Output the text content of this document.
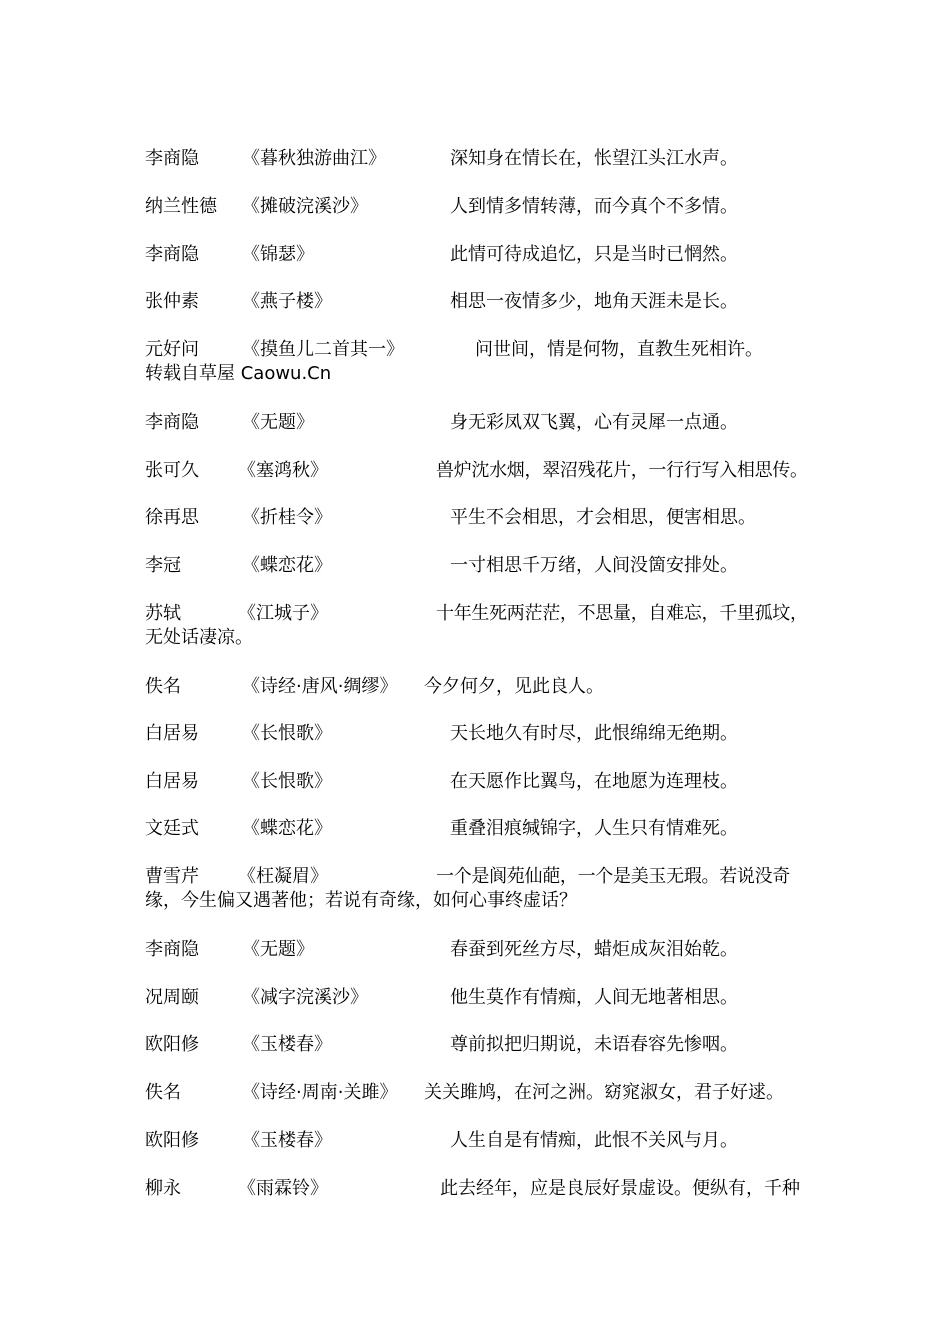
李商隐 《暮秋独游曲江》	深知身在情长在，怅望江头江水声。
纳兰性德 《摊破浣溪沙》	人到情多情转薄，而今真个不多情。
李商隐 《锦瑟》	此情可待成追忆，只是当时已惘然。
张仲素 《燕子楼》	相思一夜情多少，地角天涯未是长。
元好问 《摸鱼儿二首其一》	问世间，情是何物，直教生死相许。
转载自草屋 Caowu.Cn
李商隐 《无题》	身无彩凤双飞翼，心有灵犀一点通。
张可久 《塞鸿秋》	兽炉沈水烟，翠沼残花片，一行行写入相思传。
徐再思 《折桂令》	平生不会相思，才会相思，便害相思。
李冠	《蝶恋花》	一寸相思千万绪，人间没箇安排处。
苏轼	《江城子》	十年生死两茫茫，不思量，自难忘，千里孤坟，
无处话凄凉。
佚名	《诗经·唐风·绸缪》 今夕何夕，见此良人。
白居易 《长恨歌》	天长地久有时尽，此恨绵绵无绝期。
白居易 《长恨歌》	在天愿作比翼鸟，在地愿为连理枝。
文廷式 《蝶恋花》	重叠泪痕缄锦字，人生只有情难死。
曹雪芹 《枉凝眉》	一个是阆苑仙葩，一个是美玉无瑕。若说没奇
缘，今生偏又遇著他；若说有奇缘，如何心事终虚话？
李商隐 《无题》	春蚕到死丝方尽，蜡炬成灰泪始乾。
况周颐 《减字浣溪沙》	他生莫作有情痴，人间无地著相思。
欧阳修 《玉楼春》	尊前拟把归期说，未语春容先惨咽。
佚名	《诗经·周南·关雎》 关关雎鸠，在河之洲。窈窕淑女，君子好逑。
欧阳修 《玉楼春》	人生自是有情痴，此恨不关风与月。
柳永	《雨霖铃》	此去经年，应是良辰好景虚设。便纵有，千种
